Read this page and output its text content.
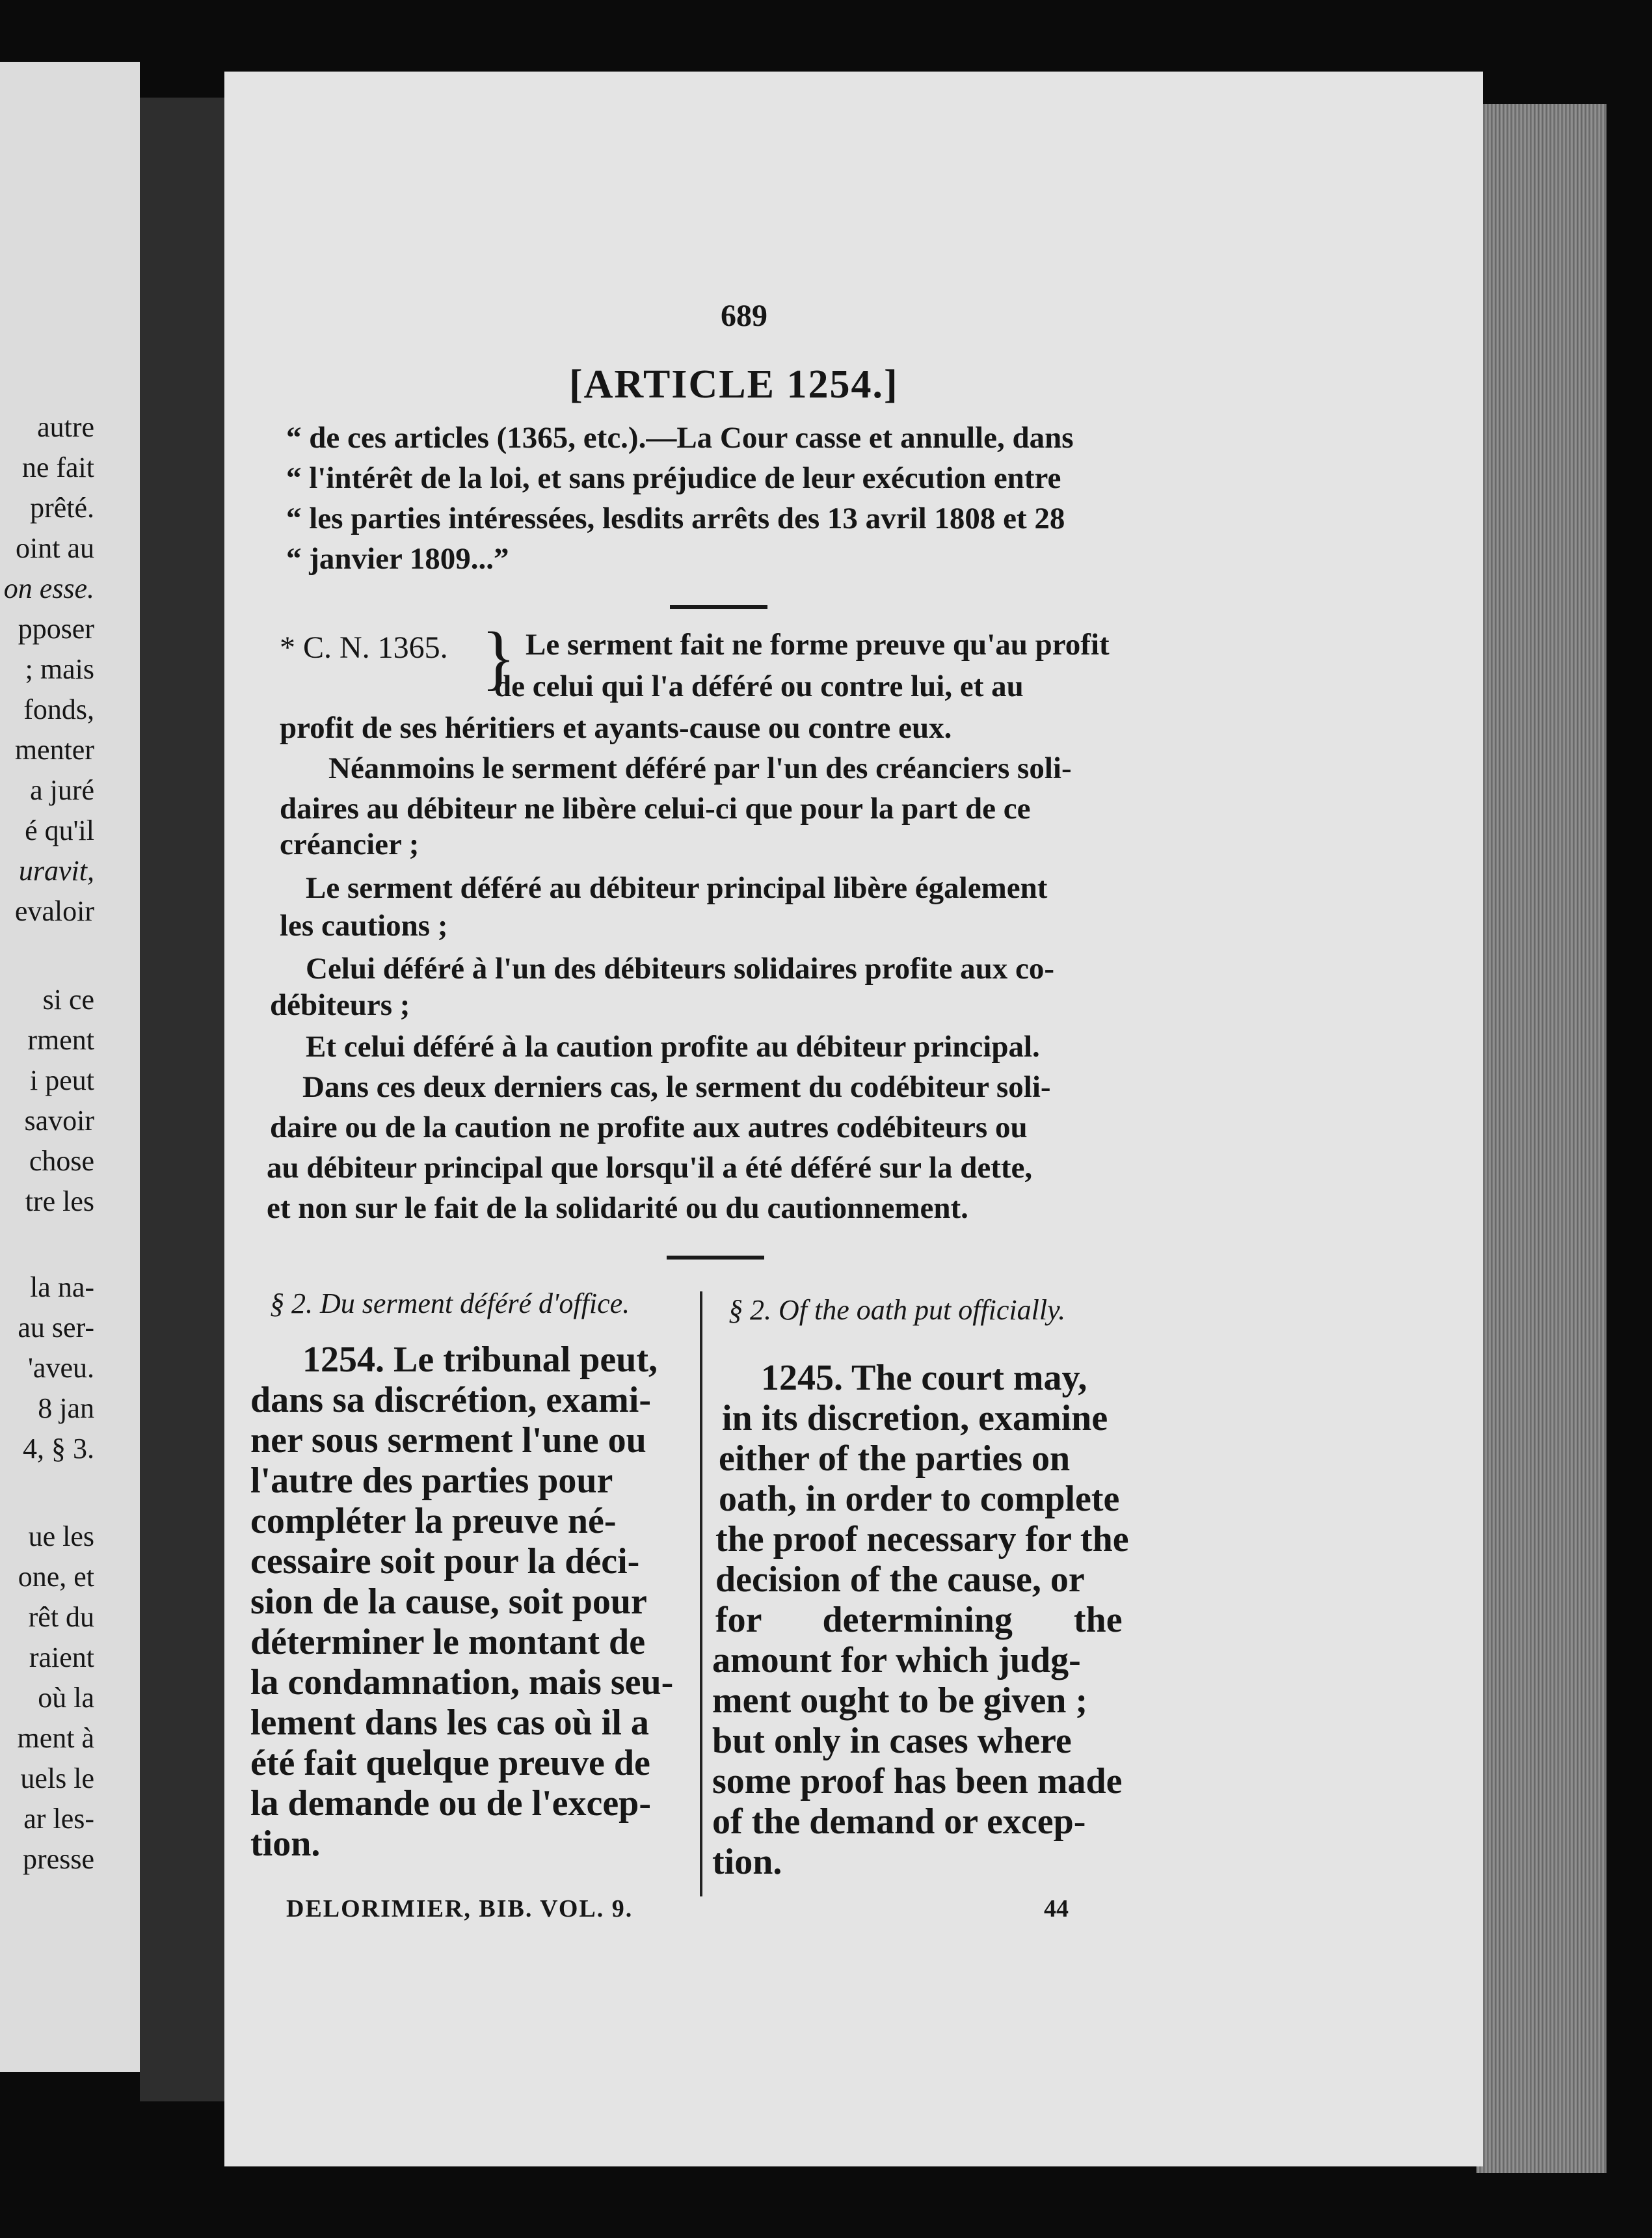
autre
ne fait
prêté.
oint au
on esse.
pposer
; mais
fonds,
menter
a juré
é qu'il
uravit,
evaloir
si ce
rment
i peut
savoir
chose
tre les
la na-
au ser-
'aveu.
8 jan
4, § 3.
ue les
one, et
rêt du
raient
où la
ment à
uels le
ar les-
presse
689
[ARTICLE 1254.]
“ de ces articles (1365, etc.).—La Cour casse et annulle, dans
“ l'intérêt de la loi, et sans préjudice de leur exécution entre
“ les parties intéressées, lesdits arrêts des 13 avril 1808 et 28
“ janvier 1809...”
* C. N. 1365. } Le serment fait ne forme preuve qu'au profit
de celui qui l'a déféré ou contre lui, et au
profit de ses héritiers et ayants-cause ou contre eux.
Néanmoins le serment déféré par l'un des créanciers soli-
daires au débiteur ne libère celui-ci que pour la part de ce
créancier ;
Le serment déféré au débiteur principal libère également
les cautions ;
Celui déféré à l'un des débiteurs solidaires profite aux co-
débiteurs ;
Et celui déféré à la caution profite au débiteur principal.
Dans ces deux derniers cas, le serment du codébiteur soli-
daire ou de la caution ne profite aux autres codébiteurs ou
au débiteur principal que lorsqu'il a été déféré sur la dette,
et non sur le fait de la solidarité ou du cautionnement.
§ 2. Du serment déféré d'office.	§ 2. Of the oath put officially.
1254. Le tribunal peut,
dans sa discrétion, exami-
ner sous serment l'une ou
l'autre des parties pour
compléter la preuve né-
cessaire soit pour la déci-
sion de la cause, soit pour
déterminer le montant de
la condamnation, mais seu-
lement dans les cas où il a
été fait quelque preuve de
la demande ou de l'excep-
tion.
1245. The court may,
in its discretion, examine
either of the parties on
oath, in order to complete
the proof necessary for the
decision of the cause, or
for determining the
amount for which judg-
ment ought to be given ;
but only in cases where
some proof has been made
of the demand or excep-
tion.
DELORIMIER, BIB. VOL. 9.	44
